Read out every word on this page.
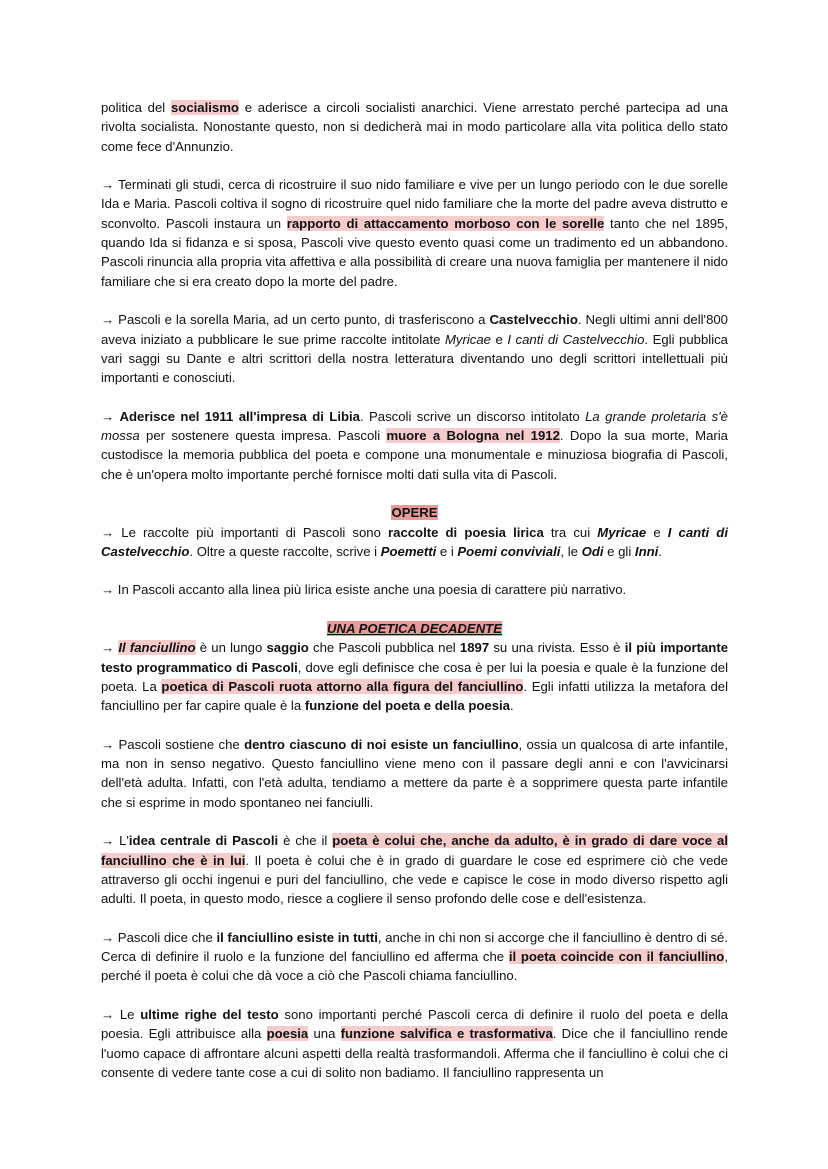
politica del socialismo e aderisce a circoli socialisti anarchici. Viene arrestato perché partecipa ad una rivolta socialista. Nonostante questo, non si dedicherà mai in modo particolare alla vita politica dello stato come fece d'Annunzio.

→ Terminati gli studi, cerca di ricostruire il suo nido familiare e vive per un lungo periodo con le due sorelle Ida e Maria. Pascoli coltiva il sogno di ricostruire quel nido familiare che la morte del padre aveva distrutto e sconvolto. Pascoli instaura un rapporto di attaccamento morboso con le sorelle tanto che nel 1895, quando Ida si fidanza e si sposa, Pascoli vive questo evento quasi come un tradimento ed un abbandono. Pascoli rinuncia alla propria vita affettiva e alla possibilità di creare una nuova famiglia per mantenere il nido familiare che si era creato dopo la morte del padre.

→ Pascoli e la sorella Maria, ad un certo punto, di trasferiscono a Castelvecchio. Negli ultimi anni dell'800 aveva iniziato a pubblicare le sue prime raccolte intitolate Myricae e I canti di Castelvecchio. Egli pubblica vari saggi su Dante e altri scrittori della nostra letteratura diventando uno degli scrittori intellettuali più importanti e conosciuti.

→ Aderisce nel 1911 all'impresa di Libia. Pascoli scrive un discorso intitolato La grande proletaria s'è mossa per sostenere questa impresa. Pascoli muore a Bologna nel 1912. Dopo la sua morte, Maria custodisce la memoria pubblica del poeta e compone una monumentale e minuziosa biografia di Pascoli, che è un'opera molto importante perché fornisce molti dati sulla vita di Pascoli.

OPERE

→ Le raccolte più importanti di Pascoli sono raccolte di poesia lirica tra cui Myricae e I canti di Castelvecchio. Oltre a queste raccolte, scrive i Poemetti e i Poemi conviviali, le Odi e gli Inni.

→ In Pascoli accanto alla linea più lirica esiste anche una poesia di carattere più narrativo.

UNA POETICA DECADENTE

→ Il fanciullino è un lungo saggio che Pascoli pubblica nel 1897 su una rivista. Esso è il più importante testo programmatico di Pascoli, dove egli definisce che cosa è per lui la poesia e quale è la funzione del poeta. La poetica di Pascoli ruota attorno alla figura del fanciullino. Egli infatti utilizza la metafora del fanciullino per far capire quale è la funzione del poeta e della poesia.

→ Pascoli sostiene che dentro ciascuno di noi esiste un fanciullino, ossia un qualcosa di arte infantile, ma non in senso negativo. Questo fanciullino viene meno con il passare degli anni e con l'avvicinarsi dell'età adulta. Infatti, con l'età adulta, tendiamo a mettere da parte è a sopprimere questa parte infantile che si esprime in modo spontaneo nei fanciulli.

→ L'idea centrale di Pascoli è che il poeta è colui che, anche da adulto, è in grado di dare voce al fanciullino che è in lui. Il poeta è colui che è in grado di guardare le cose ed esprimere ciò che vede attraverso gli occhi ingenui e puri del fanciullino, che vede e capisce le cose in modo diverso rispetto agli adulti. Il poeta, in questo modo, riesce a cogliere il senso profondo delle cose e dell'esistenza.

→ Pascoli dice che il fanciullino esiste in tutti, anche in chi non si accorge che il fanciullino è dentro di sé. Cerca di definire il ruolo e la funzione del fanciullino ed afferma che il poeta coincide con il fanciullino, perché il poeta è colui che dà voce a ciò che Pascoli chiama fanciullino.

→ Le ultime righe del testo sono importanti perché Pascoli cerca di definire il ruolo del poeta e della poesia. Egli attribuisce alla poesia una funzione salvifica e trasformativa. Dice che il fanciullino rende l'uomo capace di affrontare alcuni aspetti della realtà trasformandoli. Afferma che il fanciullino è colui che ci consente di vedere tante cose a cui di solito non badiamo. Il fanciullino rappresenta un
